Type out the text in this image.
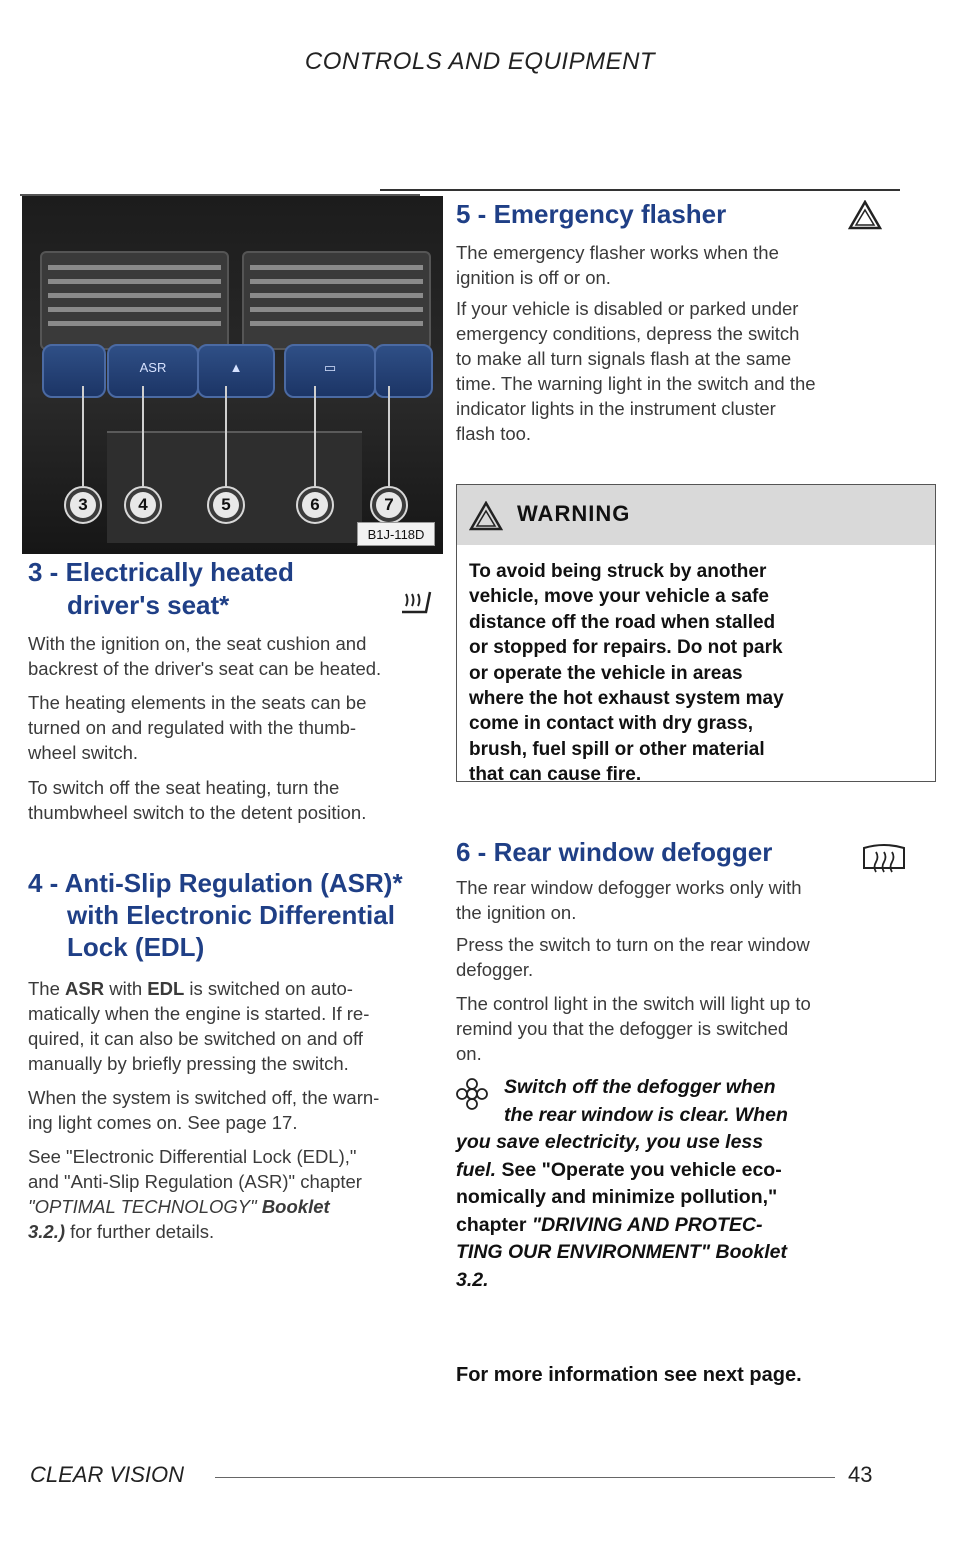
CONTROLS AND EQUIPMENT
ASR	▲	▭
3	4	5	6	7
B1J-118D
3 - Electrically heated
driver's seat*
With the ignition on, the seat cushion and
backrest of the driver's seat can be heated.
The heating elements in the seats can be
turned on and regulated with the thumb-
wheel switch.
To switch off the seat heating, turn the
thumbwheel switch to the detent position.
4 - Anti-Slip Regulation (ASR)*
with Electronic Differential
Lock (EDL)
The ASR with EDL is switched on auto-
matically when the engine is started. If re-
quired, it can also be switched on and off
manually by briefly pressing the switch.
When the system is switched off, the warn-
ing light comes on. See page 17.
See "Electronic Differential Lock (EDL),"
and "Anti-Slip Regulation (ASR)" chapter
"OPTIMAL TECHNOLOGY" Booklet
3.2.) for further details.
5 - Emergency flasher
The emergency flasher works when the
ignition is off or on.
If your vehicle is disabled or parked under
emergency conditions, depress the switch
to make all turn signals flash at the same
time. The warning light in the switch and the
indicator lights in the instrument cluster
flash too.
WARNING
To avoid being struck by another
vehicle, move your vehicle a safe
distance off the road when stalled
or stopped for repairs. Do not park
or operate the vehicle in areas
where the hot exhaust system may
come in contact with dry grass,
brush, fuel spill or other material
that can cause fire.
6 - Rear window defogger
The rear window defogger works only with
the ignition on.
Press the switch to turn on the rear window
defogger.
The control light in the switch will light up to
remind you that the defogger is switched
on.
Switch off the defogger when
the rear window is clear. When
you save electricity, you use less
fuel. See "Operate you vehicle eco-
nomically and minimize pollution,"
chapter "DRIVING AND PROTEC-
TING OUR ENVIRONMENT" Booklet
3.2.
For more information see next page.
CLEAR VISION	43
